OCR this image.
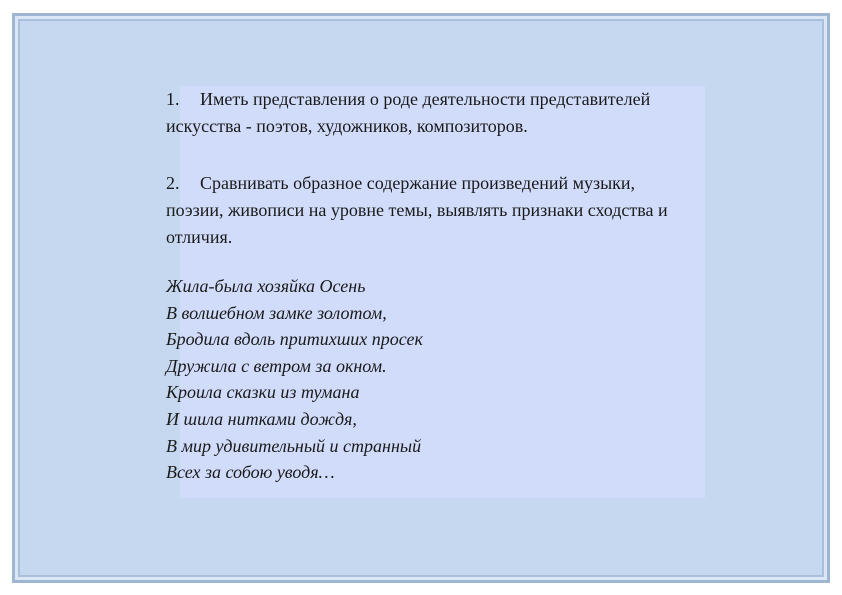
1. Иметь представления о роде деятельности представителей искусства - поэтов, художников, композиторов.
2. Сравнивать образное содержание произведений музыки, поэзии, живописи на уровне темы, выявлять признаки сходства и отличия.
Жила-была хозяйка Осень
В волшебном замке золотом,
Бродила вдоль притихших просек
Дружила с ветром за окном.
Кроила сказки из тумана
И шила нитками дождя,
В мир удивительный и странный
Всех за собою уводя…
